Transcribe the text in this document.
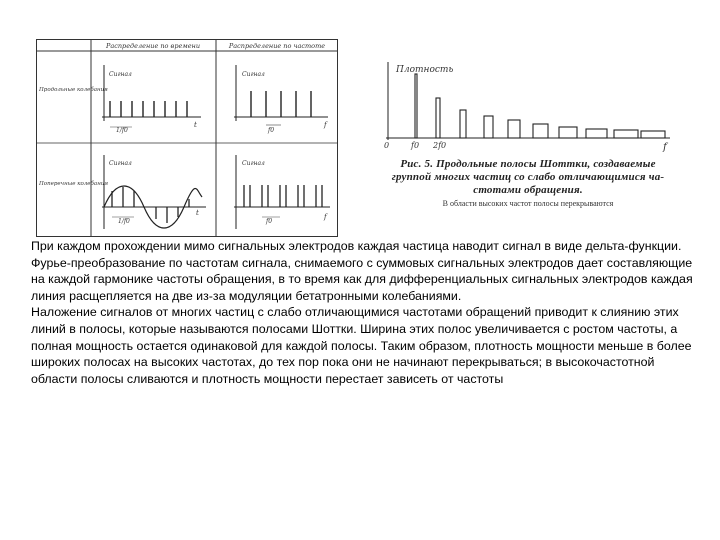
Распределение по времени	Распределение по частоте
Продольные колебания
Поперечные колебания
Сигнал
1/f0
t
Сигнал
f0
f
Сигнал
1/f0
t
Сигнал
f0
f
Плотность
f
0	f0 2f0
Рис. 5. Продольные полосы Шоттки, создаваемые
группой многих частиц со слабо отличающимися ча-
стотами обращения.
В области высоких частот полосы перекрываются

При каждом прохождении мимо сигнальных электродов каждая частица наводит сигнал в виде дельта-функции. Фурье-преобразование по частотам сигнала, снимаемого с суммовых сигнальных электродов дает составляющие на каждой гармонике частоты обращения, в то время как для дифференциальных сигнальных электродов каждая линия расщепляется на две из-за модуляции бетатронными колебаниями.

Наложение сигналов от многих частиц с слабо отличающимися частотами обращений приводит к слиянию этих линий в полосы, которые называются полосами Шоттки. Ширина этих полос увеличивается с ростом частоты, а полная мощность остается одинаковой для каждой полосы. Таким образом, плотность мощности меньше в более широких полосах на высоких частотах, до тех пор пока они не начинают перекрываться; в высокочастотной области полосы сливаются и плотность мощности перестает зависеть от частоты
